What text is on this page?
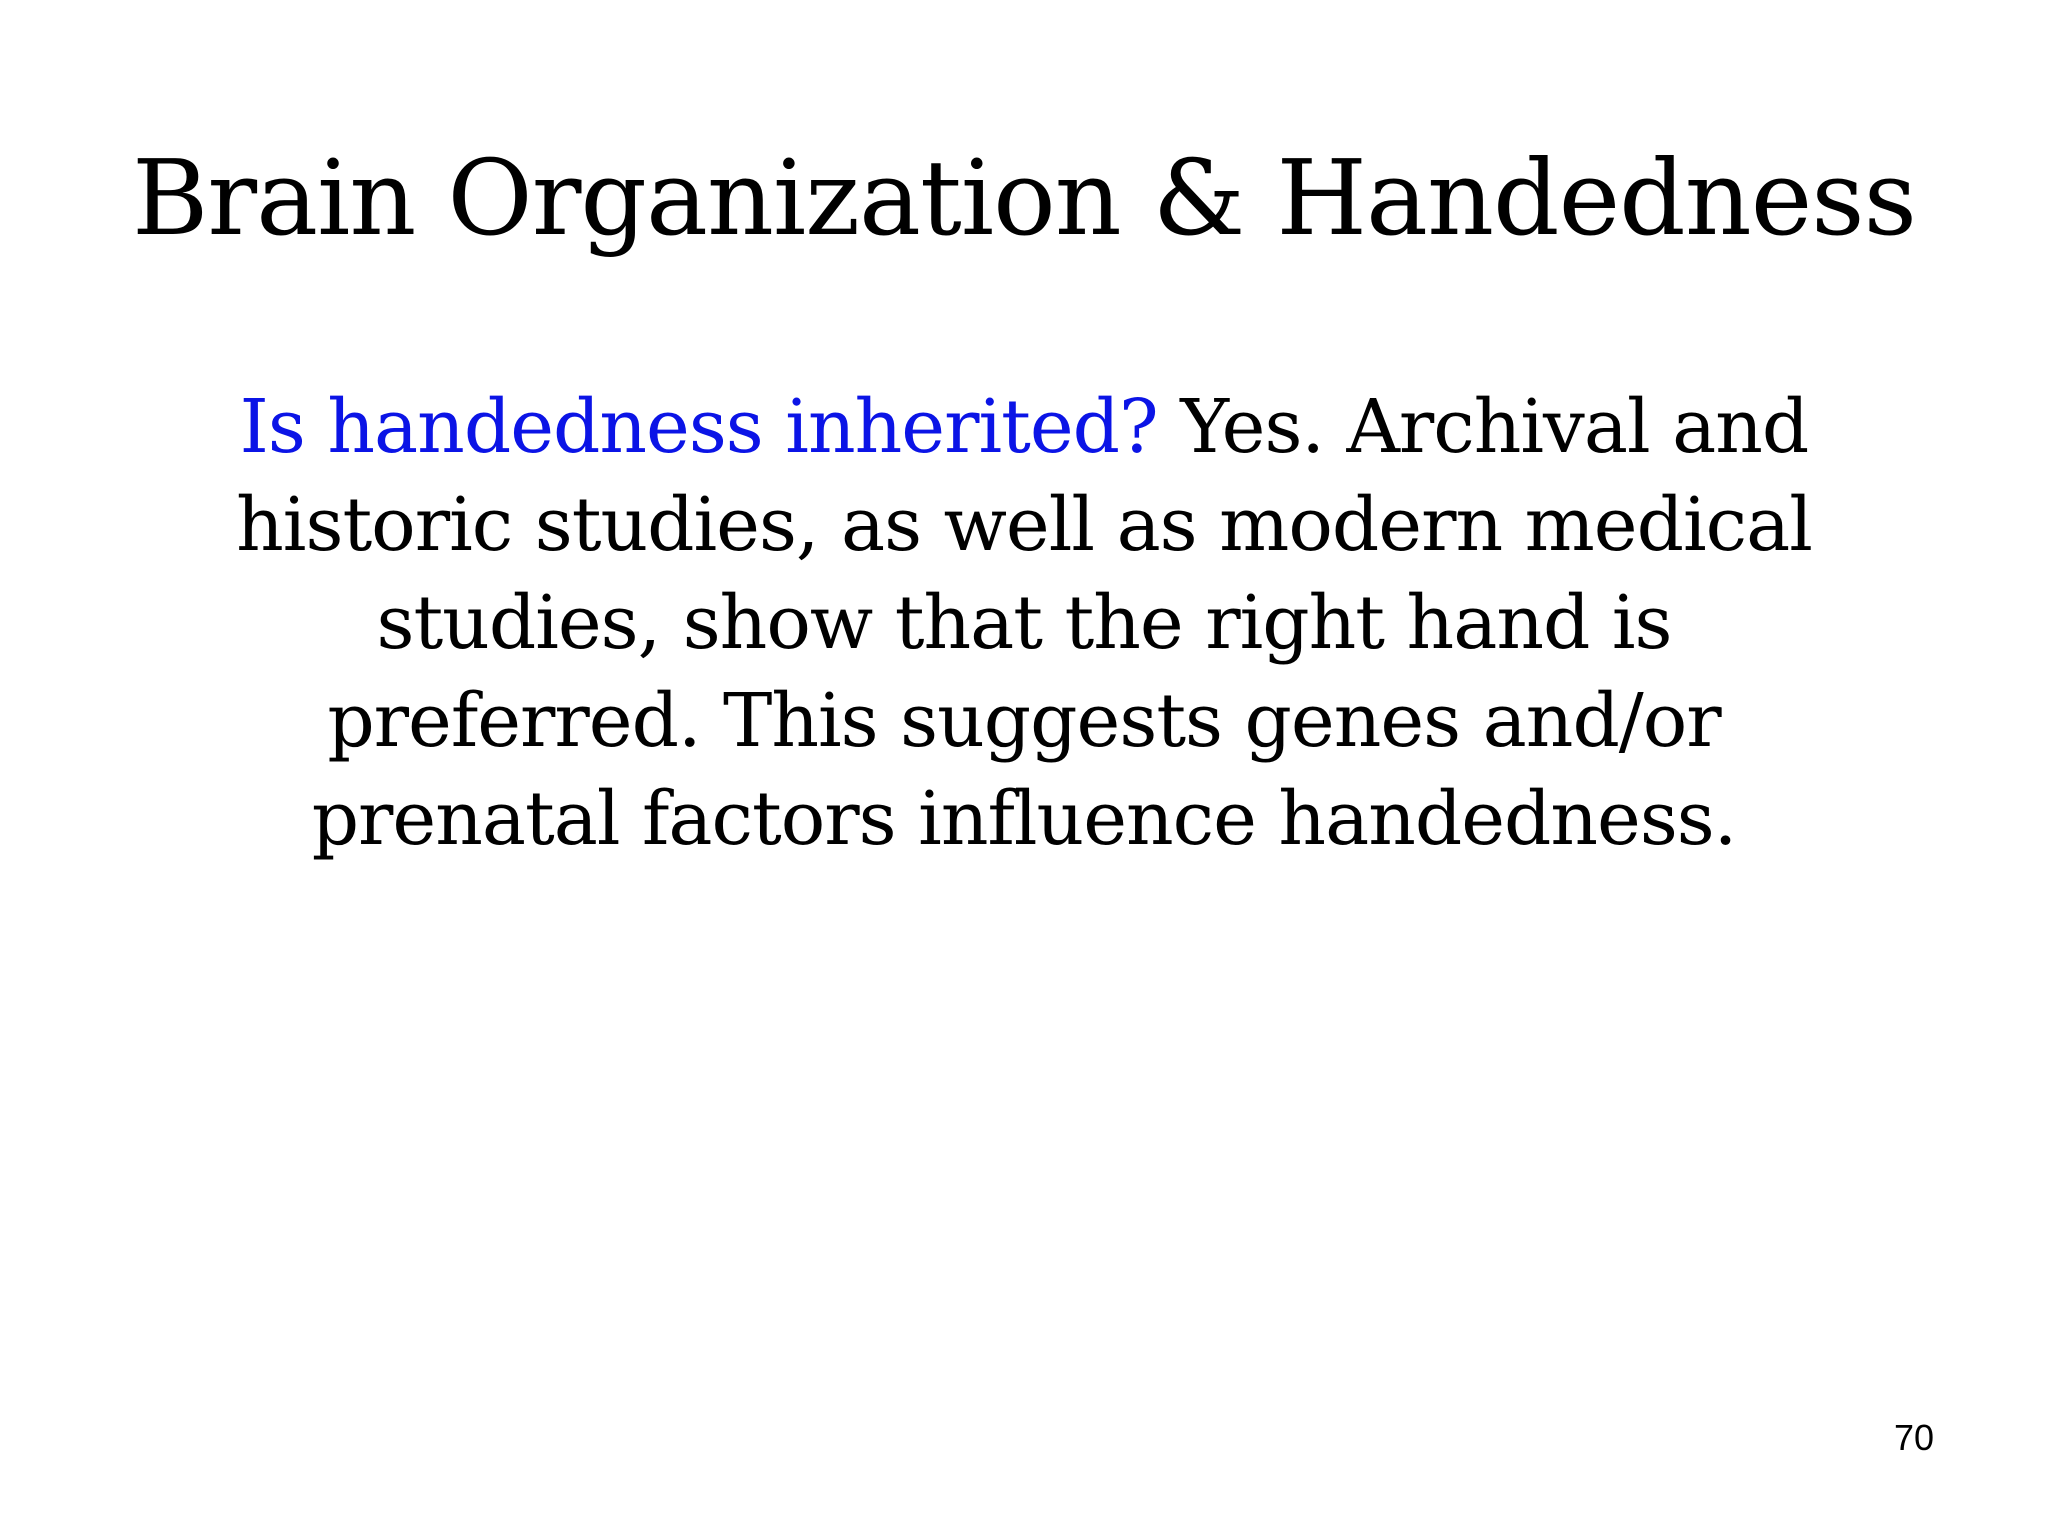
Brain Organization & Handedness

Is handedness inherited? Yes. Archival and historic studies, as well as modern medical studies, show that the right hand is preferred. This suggests genes and/or prenatal factors influence handedness.

70
